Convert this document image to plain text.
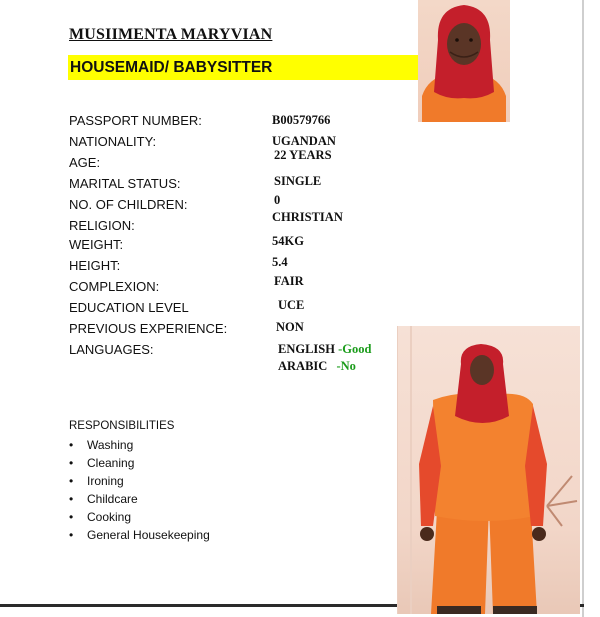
MUSIIMENTA MARYVIAN
HOUSEMAID/ BABYSITTER
PASSPORT NUMBER:
NATIONALITY:
AGE:
MARITAL STATUS:
NO. OF CHILDREN:
RELIGION:
WEIGHT:
HEIGHT:
COMPLEXION:
EDUCATION LEVEL
PREVIOUS EXPERIENCE:
LANGUAGES:
B00579766
UGANDAN
22 YEARS
SINGLE
0
CHRISTIAN
54KG
5.4
FAIR
UCE
NON
ENGLISH -Good
ARABIC -No
RESPONSIBILITIES
• Washing
• Cleaning
• Ironing
• Childcare
• Cooking
• General Housekeeping
